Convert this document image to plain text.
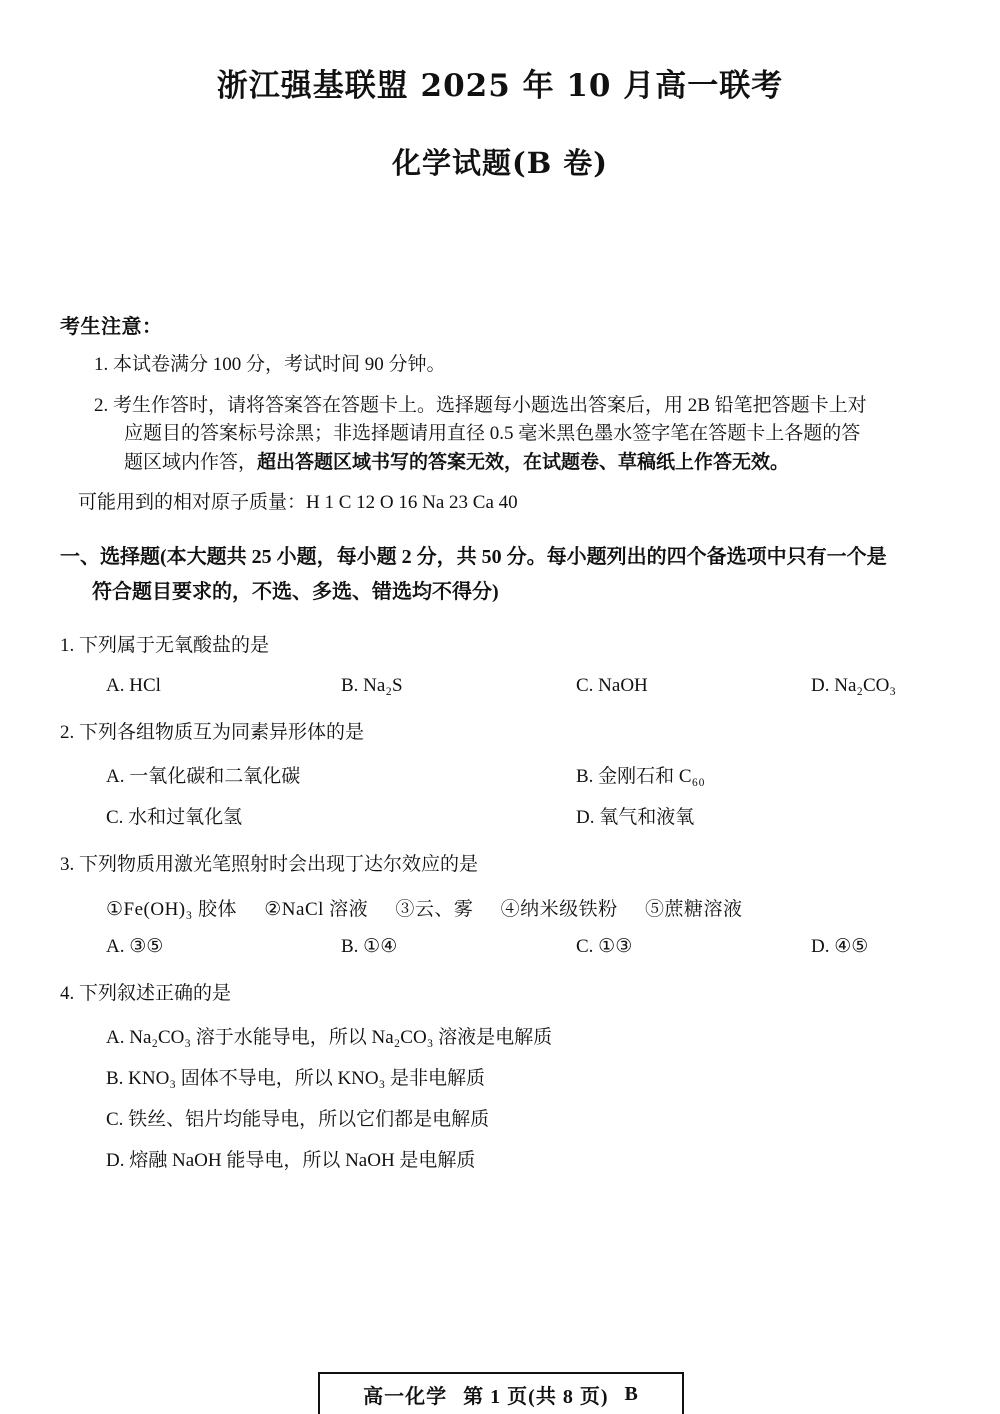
浙江强基联盟 2025 年 10 月高一联考
化学试题(B 卷)
考生注意：
1. 本试卷满分 100 分，考试时间 90 分钟。
2. 考生作答时，请将答案答在答题卡上。选择题每小题选出答案后，用 2B 铅笔把答题卡上对
应题目的答案标号涂黑；非选择题请用直径 0.5 毫米黑色墨水签字笔在答题卡上各题的答
题区域内作答，超出答题区域书写的答案无效，在试题卷、草稿纸上作答无效。
可能用到的相对原子质量：H 1 C 12 O 16 Na 23 Ca 40
一、选择题(本大题共 25 小题，每小题 2 分，共 50 分。每小题列出的四个备选项中只有一个是
符合题目要求的，不选、多选、错选均不得分)
1. 下列属于无氧酸盐的是
A. HCl	B. Na₂S	C. NaOH	D. Na₂CO₃
2. 下列各组物质互为同素异形体的是
A. 一氧化碳和二氧化碳	B. 金刚石和 C₆₀
C. 水和过氧化氢	D. 氧气和液氧
3. 下列物质用激光笔照射时会出现丁达尔效应的是
①Fe(OH)₃ 胶体 ②NaCl 溶液 ③云、雾 ④纳米级铁粉 ⑤蔗糖溶液
A. ③⑤	B. ①④	C. ①③	D. ④⑤
4. 下列叙述正确的是
A. Na₂CO₃ 溶于水能导电，所以 Na₂CO₃ 溶液是电解质
B. KNO₃ 固体不导电，所以 KNO₃ 是非电解质
C. 铁丝、铝片均能导电，所以它们都是电解质
D. 熔融 NaOH 能导电，所以 NaOH 是电解质
高一化学 第 1 页(共 8 页) B
